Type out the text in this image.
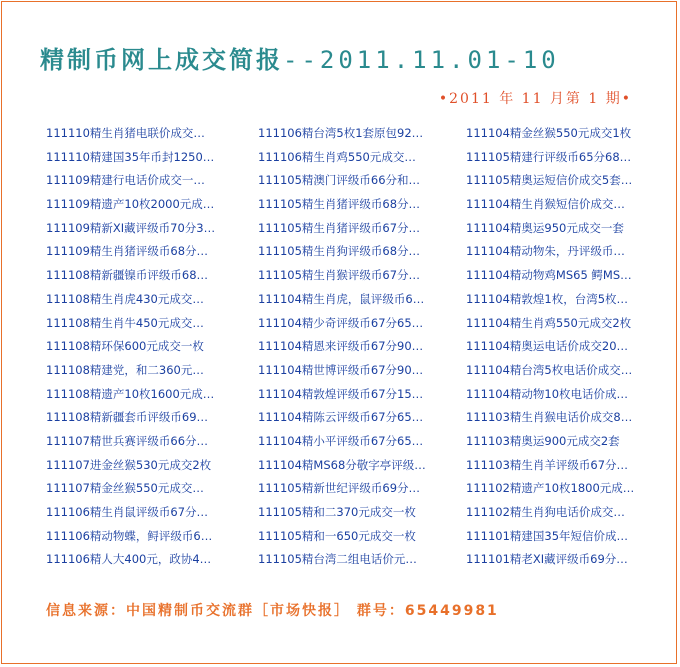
精制币网上成交简报--2011.11.01-10
•2011 年 11 月第 1 期•
111110精生肖猪电联价成交…
111110精建国35年币封1250…
111109精建行电话价成交一…
111109精遗产10枚2000元成…
111109精新XI藏评级币70分3…
111109精生肖猪评级币68分…
111108精新疆镍币评级币68…
111108精生肖虎430元成交…
111108精生肖牛450元成交…
111108精环保600元成交一枚
111108精建党，和二360元…
111108精遗产10枚1600元成…
111108精新疆套币评级币69…
111107精世兵赛评级币66分…
111107进金丝猴530元成交2枚
111107精金丝猴550元成交…
111106精生肖鼠评级币67分…
111106精动物蝶，鲟评级币6…
111106精人大400元，政协4…
111106精台湾5枚1套原包92…
111106精生肖鸡550元成交…
111105精澳门评级币66分和…
111105精生肖猪评级币68分…
111105精生肖猪评级币67分…
111105精生肖狗评级币68分…
111105精生肖猴评级币67分…
111104精生肖虎，鼠评级币6…
111104精少奇评级币67分65…
111104精恩来评级币67分90…
111104精世博评级币67分90…
111104精敦煌评级币67分15…
111104精陈云评级币67分65…
111104精小平评级币67分65…
111104精MS68分敬字亭评级…
111105精新世纪评级币69分…
111105精和二370元成交一枚
111105精和一650元成交一枚
111105精台湾二组电话价元…
111104精金丝猴550元成交1枚
111105精建行评级币65分68…
111105精奥运短信价成交5套…
111104精生肖猴短信价成交…
111104精奥运950元成交一套
111104精动物朱，丹评级币…
111104精动物鸡MS65 鳄MS…
111104精敦煌1枚，台湾5枚…
111104精生肖鸡550元成交2枚
111104精奥运电话价成交20…
111104精台湾5枚电话价成交…
111104精动物10枚电话价成…
111103精生肖猴电话价成交8…
111103精奥运900元成交2套
111103精生肖羊评级币67分…
111102精遗产10枚1800元成…
111102精生肖狗电话价成交…
111101精建国35年短信价成…
111101精老XI藏评级币69分…
信息来源：中国精制币交流群［市场快报］ 群号：65449981
